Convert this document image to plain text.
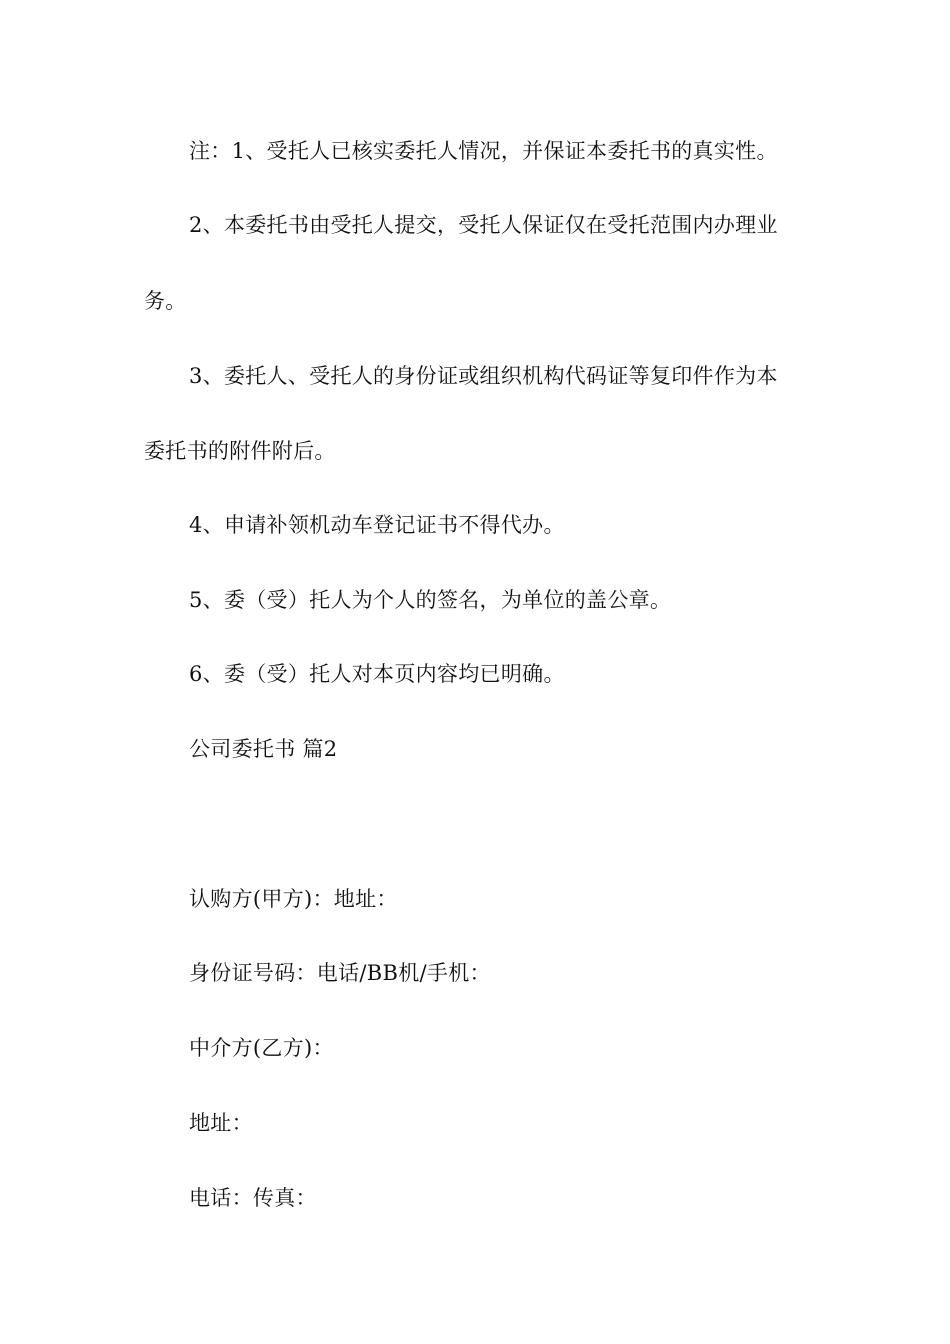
注：1、受托人已核实委托人情况，并保证本委托书的真实性。
2、本委托书由受托人提交，受托人保证仅在受托范围内办理业
务。
3、委托人、受托人的身份证或组织机构代码证等复印件作为本
委托书的附件附后。
4、申请补领机动车登记证书不得代办。
5、委（受）托人为个人的签名，为单位的盖公章。
6、委（受）托人对本页内容均已明确。
公司委托书 篇2
认购方(甲方)：地址：
身份证号码：电话/BB机/手机：
中介方(乙方)：
地址：
电话：传真：
